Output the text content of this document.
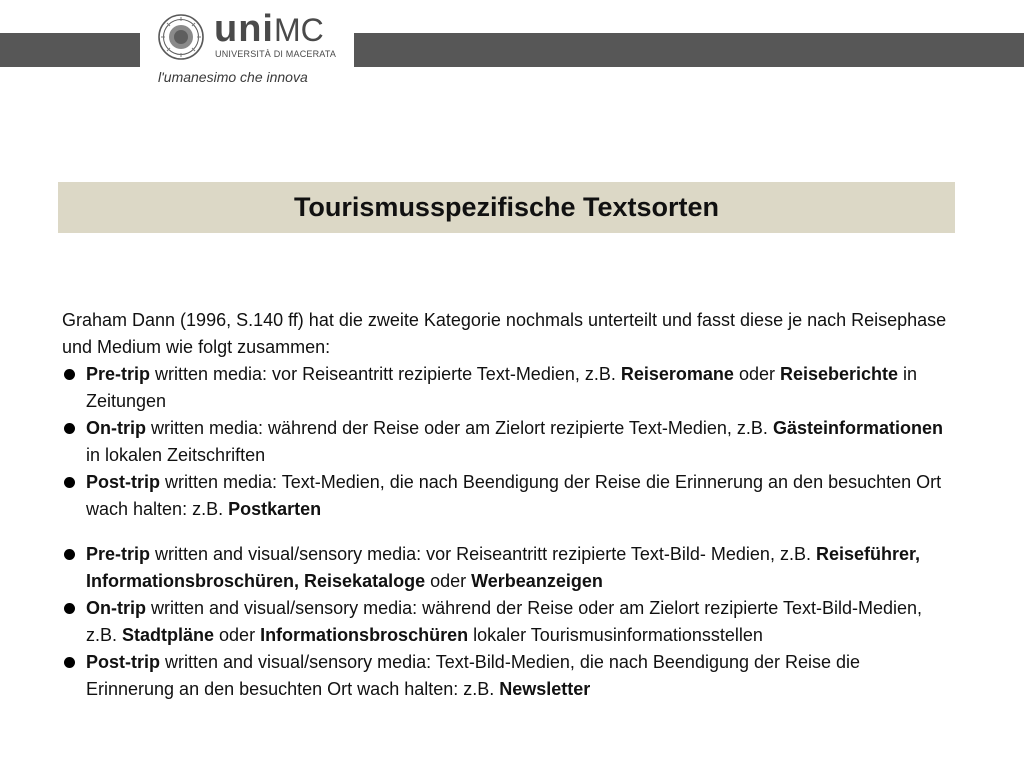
uniMC
UNIVERSITÀ DI MACERATA
l'umanesimo che innova
Tourismusspezifische Textsorten

Graham Dann (1996, S.140 ff) hat die zweite Kategorie nochmals unterteilt und fasst diese je nach Reisephase und Medium wie folgt zusammen:

Pre-trip written media: vor Reiseantritt rezipierte Text-Medien, z.B. Reiseromane oder Reiseberichte in Zeitungen
On-trip written media: während der Reise oder am Zielort rezipierte Text-Medien, z.B. Gästeinformationen in lokalen Zeitschriften
Post-trip written media: Text-Medien, die nach Beendigung der Reise die Erinnerung an den besuchten Ort wach halten: z.B. Postkarten
Pre-trip written and visual/sensory media: vor Reiseantritt rezipierte Text-Bild- Medien, z.B. Reiseführer, Informationsbroschüren, Reisekataloge oder Werbeanzeigen
On-trip written and visual/sensory media: während der Reise oder am Zielort rezipierte Text-Bild-Medien, z.B. Stadtpläne oder Informationsbroschüren lokaler Tourismusinformationsstellen
Post-trip written and visual/sensory media: Text-Bild-Medien, die nach Beendigung der Reise die Erinnerung an den besuchten Ort wach halten: z.B. Newsletter
